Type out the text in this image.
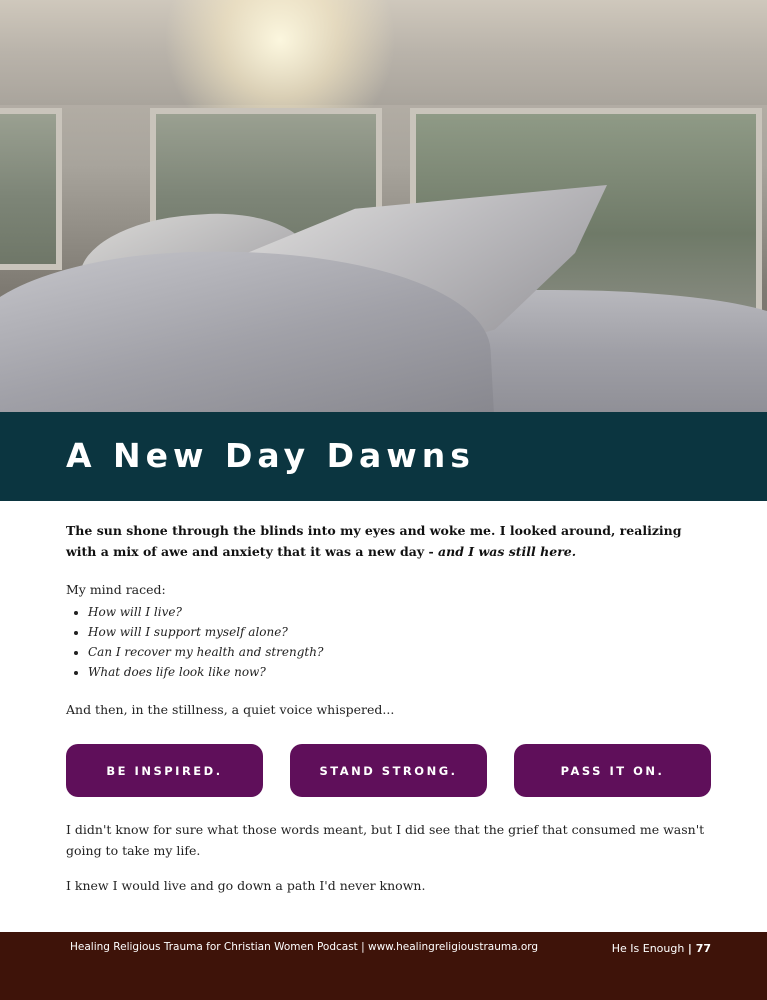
A New Day Dawns

The sun shone through the blinds into my eyes and woke me. I looked around, realizing with a mix of awe and anxiety that it was a new day - and I was still here.

My mind raced:

• How will I live?
• How will I support myself alone?
• Can I recover my health and strength?
• What does life look like now?

And then, in the stillness, a quiet voice whispered...

BE INSPIRED.	STAND STRONG.	PASS IT ON.

I didn't know for sure what those words meant, but I did see that the grief that consumed me wasn't going to take my life.

I knew I would live and go down a path I'd never known.

Healing Religious Trauma for Christian Women Podcast | www.healingreligioustrauma.org	He Is Enough | 77
